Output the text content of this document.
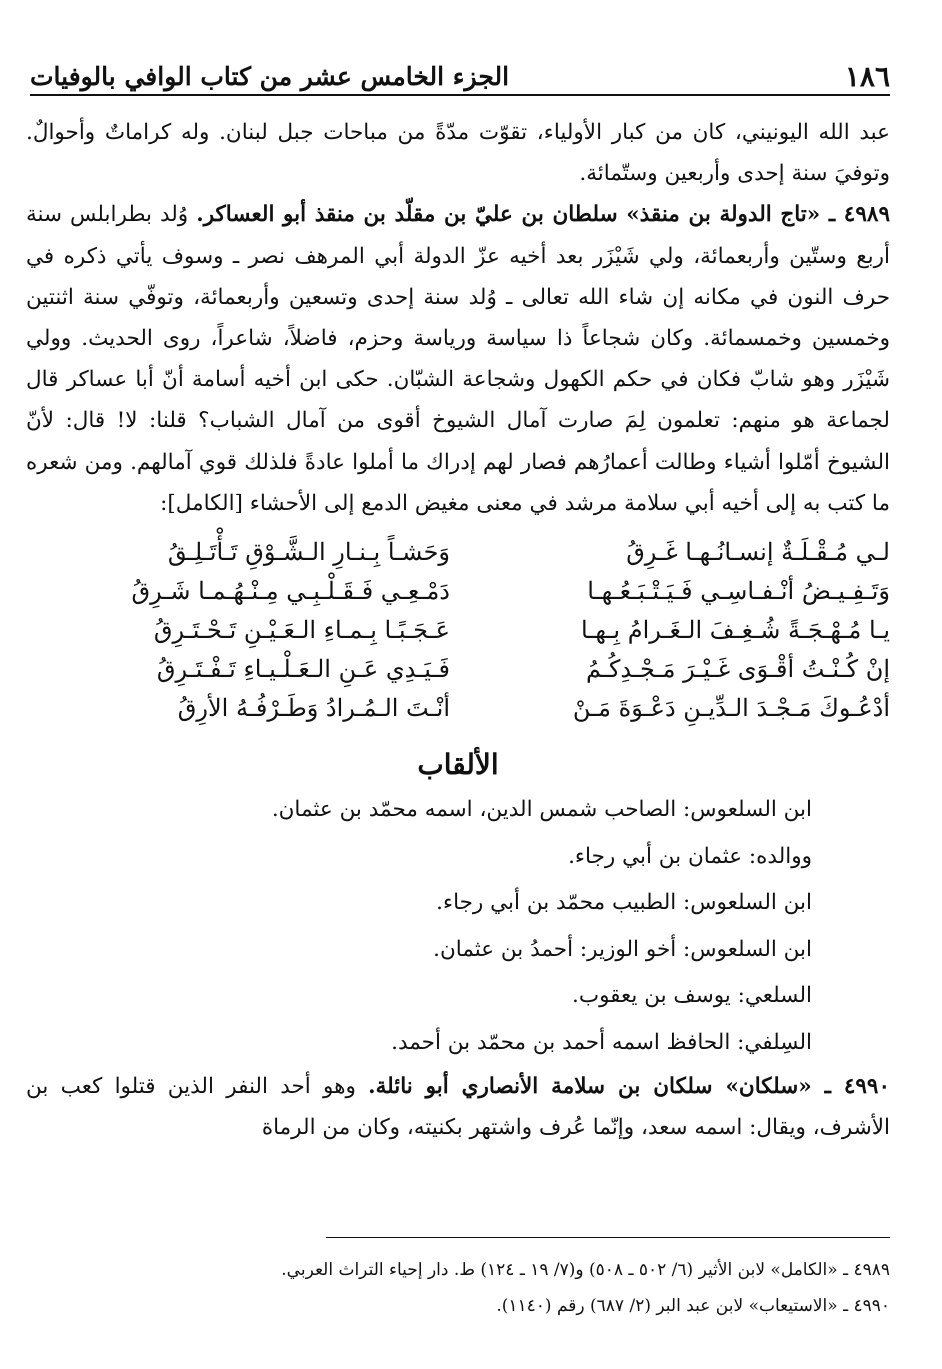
١٨٦
الجزء الخامس عشر من كتاب الوافي بالوفيات

عبد الله اليونيني، كان من كبار الأولياء، تقوّت مدّةً من مباحات جبل لبنان. وله كراماتٌ وأحوالٌ. وتوفيَ سنة إحدى وأربعين وستّمائة.

٤٩٨٩ ـ «تاج الدولة بن منقذ» سلطان بن عليّ بن مقلّد بن منقذ أبو العساكر. وُلد بطرابلس سنة أربع وستّين وأربعمائة، ولي شَيْزَر بعد أخيه عزّ الدولة أبي المرهف نصر ـ وسوف يأتي ذكره في حرف النون في مكانه إن شاء الله تعالى ـ وُلد سنة إحدى وتسعين وأربعمائة، وتوفّي سنة اثنتين وخمسين وخمسمائة. وكان شجاعاً ذا سياسة ورياسة وحزم، فاضلاً، شاعراً، روى الحديث. وولي شَيْزَر وهو شابّ فكان في حكم الكهول وشجاعة الشبّان. حكى ابن أخيه أسامة أنّ أبا عساكر قال لجماعة هو منهم: تعلمون لِمَ صارت آمال الشيوخ أقوى من آمال الشباب؟ قلنا: لا! قال: لأنّ الشيوخ أمّلوا أشياء وطالت أعمارُهم فصار لهم إدراك ما أملوا عادةً فلذلك قوي آمالهم. ومن شعره ما كتب به إلى أخيه أبي سلامة مرشد في معنى مغيض الدمع إلى الأحشاء [الكامل]:

لـي مُـقْـلَـةٌ إنسـانُـهـا غَـرِقُ
وَحَشـاً بِـنـارِ الـشَّـوْقِ تَـأْتَـلِـقُ
وَتَـفِـيـضُ أنْـفـاسِـي فَـيَـتْـبَـعُـهـا
دَمْـعِـي فَـقَـلْـبِـي مِـنْـهُـمـا شَـرِقُ
يـا مُـهْـجَـةً شُـغِـفَ الـغَـرامُ بِـهـا
عَـجَـبًـا بِـمـاءِ الـعَـيْـنِ تَـحْـتَـرِقُ
إنْ كُـنْـتُ أقْـوَى غَـيْـرَ مَـجْـدِكُـمُ
فَـيَـدِي عَـنِ الـعَـلْـيـاءِ تَـفْـتَـرِقُ
أدْعُـوكَ مَـجْـدَ الـدِّيـنِ دَعْـوَةَ مَـنْ
أنْـتَ الـمُـرادُ وَطَـرْفُـهُ الأرِقُ
الألقاب
ابن السلعوس: الصاحب شمس الدين، اسمه محمّد بن عثمان.
ووالده: عثمان بن أبي رجاء.
ابن السلعوس: الطبيب محمّد بن أبي رجاء.
ابن السلعوس: أخو الوزير: أحمدُ بن عثمان.
السلعي: يوسف بن يعقوب.
السِلفي: الحافظ اسمه أحمد بن محمّد بن أحمد.

٤٩٩٠ ـ «سلكان» سلكان بن سلامة الأنصاري أبو نائلة. وهو أحد النفر الذين قتلوا كعب بن الأشرف، ويقال: اسمه سعد، وإنّما عُرف واشتهر بكنيته، وكان من الرماة

٤٩٨٩ ـ «الكامل» لابن الأثير (٦/ ٥٠٢ ـ ٥٠٨) و(٧/ ١٩ ـ ١٢٤) ط. دار إحياء التراث العربي.

٤٩٩٠ ـ «الاستيعاب» لابن عبد البر (٢/ ٦٨٧) رقم (١١٤٠).
